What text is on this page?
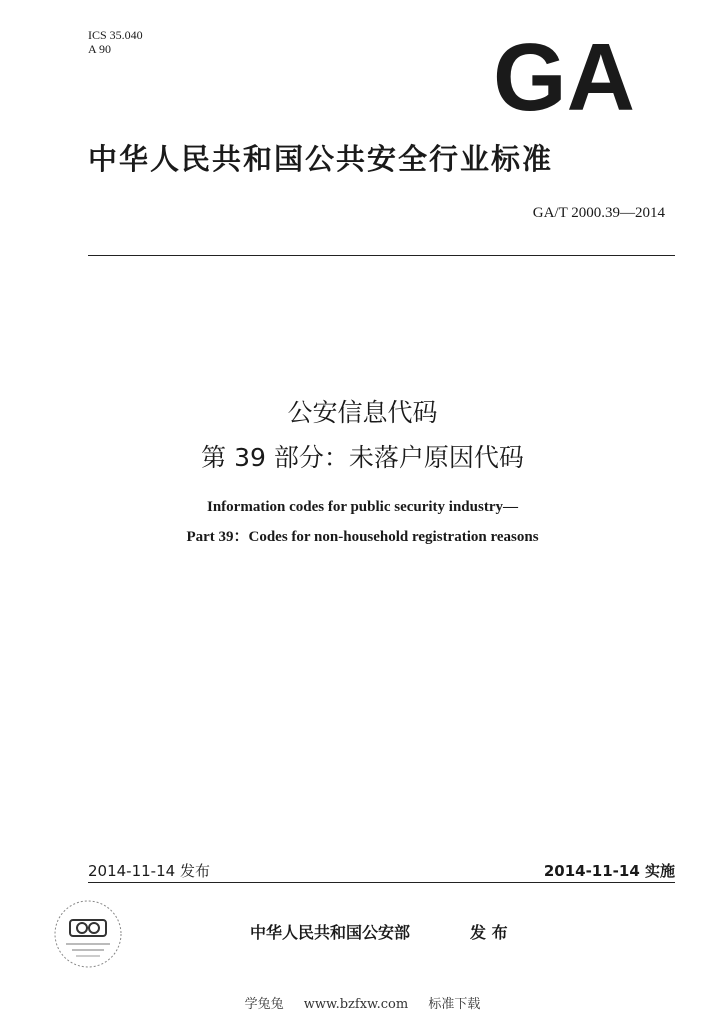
ICS 35.040
A 90	GA
中华人民共和国公共安全行业标准
GA/T 2000.39—2014
公安信息代码
第 39 部分：未落户原因代码
Information codes for public security industry—
Part 39：Codes for non-household registration reasons
2014-11-14 发布	2014-11-14 实施
中华人民共和国公安部	发 布
学兔兔 www.bzfxw.com 标准下载
